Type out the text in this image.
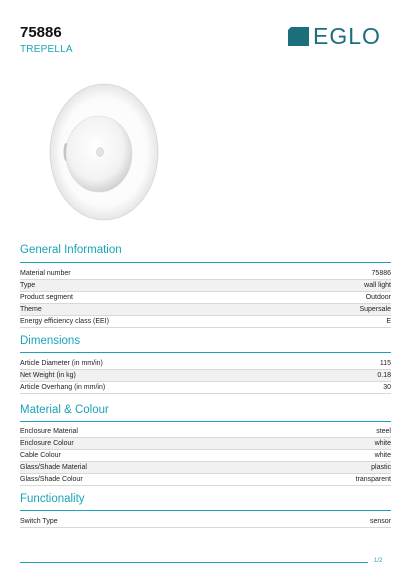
75886
TREPELLA
EGLO
General Information
Material number	75886
Type	wall light
Product segment	Outdoor
Theme	Supersale
Energy efficiency class (EEI)	E
Dimensions
Article Diameter (in mm/in)	115
Net Weight (in kg)	0.18
Article Overhang (in mm/in)	30
Material & Colour
Enclosure Material	steel
Enclosure Colour	white
Cable Colour	white
Glass/Shade Material	plastic
Glass/Shade Colour	transparent
Functionality
Switch Type	sensor
1/2
